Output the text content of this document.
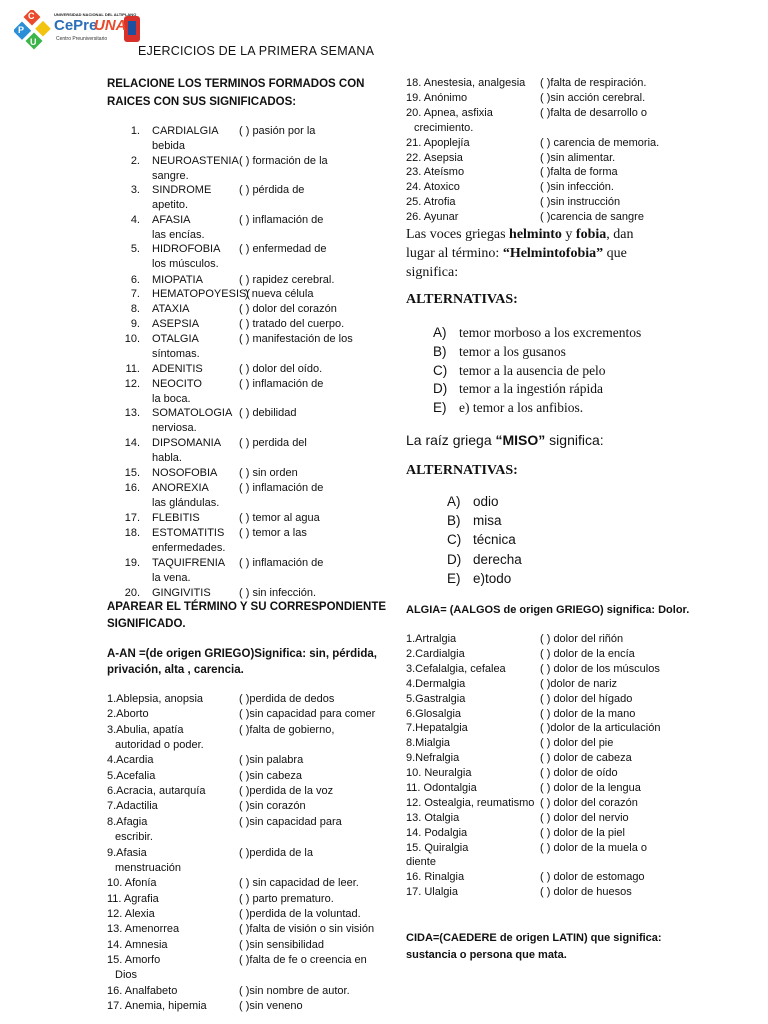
C
P
U
UNIVERSIDAD NACIONAL DEL ALTIPLANO
CePre
UNA
Centro Preuniversitario
EJERCICIOS DE LA PRIMERA SEMANA
RELACIONE LOS TERMINOS FORMADOS CON
RAICES CON SUS SIGNIFICADOS:
1. CARDIALGIA ( ) pasión por la
bebida
2. NEUROASTENIA ( ) formación de la
sangre.
3. SINDROME	( ) pérdida de
apetito.
4. AFASIA	( ) inflamación de
las encías.
5. HIDROFOBIA ( ) enfermedad de
los músculos.
6. MIOPATIA	( ) rapidez cerebral.
7. HEMATOPOYESIS(
) nueva célula
8. ATAXIA	( ) dolor del corazón
9. ASEPSIA	( ) tratado del cuerpo.
10. OTALGIA	( ) manifestación de los
síntomas.
11. ADENITIS	( ) dolor del oído.
12. NEOCITO	( ) inflamación de
la boca.
13. SOMATOLOGIA ( ) debilidad
nerviosa.
14. DIPSOMANIA ( ) perdida del
habla.
15. NOSOFOBIA ( ) sin orden
16. ANOREXIA	( ) inflamación de
las glándulas.
17. FLEBITIS	( ) temor al agua
18. ESTOMATITIS ( ) temor a las
enfermedades.
19. TAQUIFRENIA ( ) inflamación de
la vena.
20. GINGIVITIS	( ) sin infección.
APAREAR EL TÉRMINO Y SU CORRESPONDIENTE
SIGNIFICADO.
A-AN =(de origen GRIEGO)Significa: sin, pérdida,
privación, alta , carencia.
1.Ablepsia, anopsia	( )perdida de dedos
2.Aborto	( )sin capacidad para comer
3.Abulia, apatía	( )falta de gobierno,
autoridad o poder.
4.Acardia	( )sin palabra
5.Acefalia	( )sin cabeza
6.Acracia, autarquía	( )perdida de la voz
7.Adactilia	( )sin corazón
8.Afagia	( )sin capacidad para
escribir.
9.Afasia	( )perdida de la
menstruación
10. Afonía	( ) sin capacidad de leer.
11. Agrafia	( ) parto prematuro.
12. Alexia	( )perdida de la voluntad.
13. Amenorrea	( )falta de visión o sin visión
14. Amnesia	( )sin sensibilidad
15. Amorfo	( )falta de fe o creencia en
Dios
16. Analfabeto	( )sin nombre de autor.
17. Anemia, hipemia	( )sin veneno
18. Anestesia, analgesia ( )falta de respiración.
19. Anónimo	( )sin acción cerebral.
20. Apnea, asfixia	( )falta de desarrollo o
crecimiento.
21. Apoplejía	( ) carencia de memoria.
22. Asepsia	( )sin alimentar.
23. Ateísmo	( )falta de forma
24. Atoxico	( )sin infección.
25. Atrofia	( )sin instrucción
26. Ayunar	( )carencia de sangre
Las voces griegas helminto y fobia, dan
lugar al término: “Helmintofobia” que
significa:
ALTERNATIVAS:
A) temor morboso a los excrementos
B) temor a los gusanos
C) temor a la ausencia de pelo
D) temor a la ingestión rápida
E) e) temor a los anfibios.
La raíz griega “MISO” significa:
ALTERNATIVAS:
A) odio
B) misa
C) técnica
D) derecha
E) e)todo
ALGIA= (AALGOS de origen GRIEGO) significa: Dolor.
1.Artralgia	( ) dolor del riñón
2.Cardialgia	( ) dolor de la encía
3.Cefalalgia, cefalea	( ) dolor de los músculos
4.Dermalgia	( )dolor de nariz
5.Gastralgia	( ) dolor del hígado
6.Glosalgia	( ) dolor de la mano
7.Hepatalgia	( )dolor de la articulación
8.Mialgia	( ) dolor del pie
9.Nefralgia	( ) dolor de cabeza
10. Neuralgia	( ) dolor de oído
11. Odontalgia	( ) dolor de la lengua
12. Ostealgia, reumatismo ( ) dolor del corazón
13. Otalgia	( ) dolor del nervio
14. Podalgia	( ) dolor de la piel
15. Quiralgia	( ) dolor de la muela o
diente
16. Rinalgia	( ) dolor de estomago
17. Ulalgia	( ) dolor de huesos
CIDA=(CAEDERE de origen LATIN) que significa:
sustancia o persona que mata.
